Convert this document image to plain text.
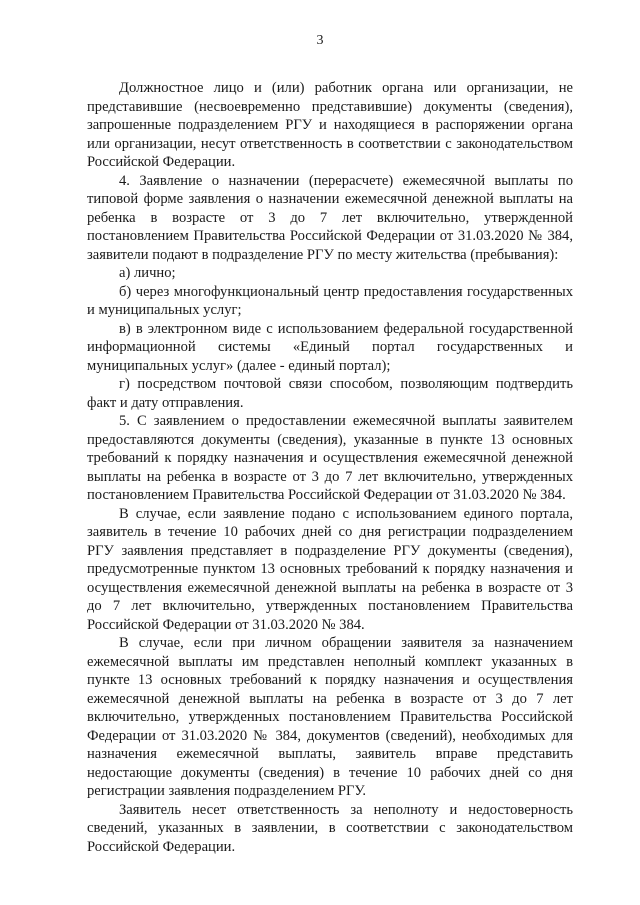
3

Должностное лицо и (или) работник органа или организации, не представившие (несвоевременно представившие) документы (сведения), запрошенные подразделением РГУ и находящиеся в распоряжении органа или организации, несут ответственность в соответствии с законодательством Российской Федерации.

4. Заявление о назначении (перерасчете) ежемесячной выплаты по типовой форме заявления о назначении ежемесячной денежной выплаты на ребенка в возрасте от 3 до 7 лет включительно, утвержденной постановлением Правительства Российской Федерации от 31.03.2020 № 384, заявители подают в подразделение РГУ по месту жительства (пребывания):

а) лично;

б) через многофункциональный центр предоставления государственных и муниципальных услуг;

в) в электронном виде с использованием федеральной государственной информационной системы «Единый портал государственных и муниципальных услуг» (далее - единый портал);

г) посредством почтовой связи способом, позволяющим подтвердить факт и дату отправления.

5. С заявлением о предоставлении ежемесячной выплаты заявителем предоставляются документы (сведения), указанные в пункте 13 основных требований к порядку назначения и осуществления ежемесячной денежной выплаты на ребенка в возрасте от 3 до 7 лет включительно, утвержденных постановлением Правительства Российской Федерации от 31.03.2020 № 384.

В случае, если заявление подано с использованием единого портала, заявитель в течение 10 рабочих дней со дня регистрации подразделением РГУ заявления представляет в подразделение РГУ документы (сведения), предусмотренные пунктом 13 основных требований к порядку назначения и осуществления ежемесячной денежной выплаты на ребенка в возрасте от 3 до 7 лет включительно, утвержденных постановлением Правительства Российской Федерации от 31.03.2020 № 384.

В случае, если при личном обращении заявителя за назначением ежемесячной выплаты им представлен неполный комплект указанных в пункте 13 основных требований к порядку назначения и осуществления ежемесячной денежной выплаты на ребенка в возрасте от 3 до 7 лет включительно, утвержденных постановлением Правительства Российской Федерации от 31.03.2020 № 384, документов (сведений), необходимых для назначения ежемесячной выплаты, заявитель вправе представить недостающие документы (сведения) в течение 10 рабочих дней со дня регистрации заявления подразделением РГУ.

Заявитель несет ответственность за неполноту и недостоверность сведений, указанных в заявлении, в соответствии с законодательством Российской Федерации.
